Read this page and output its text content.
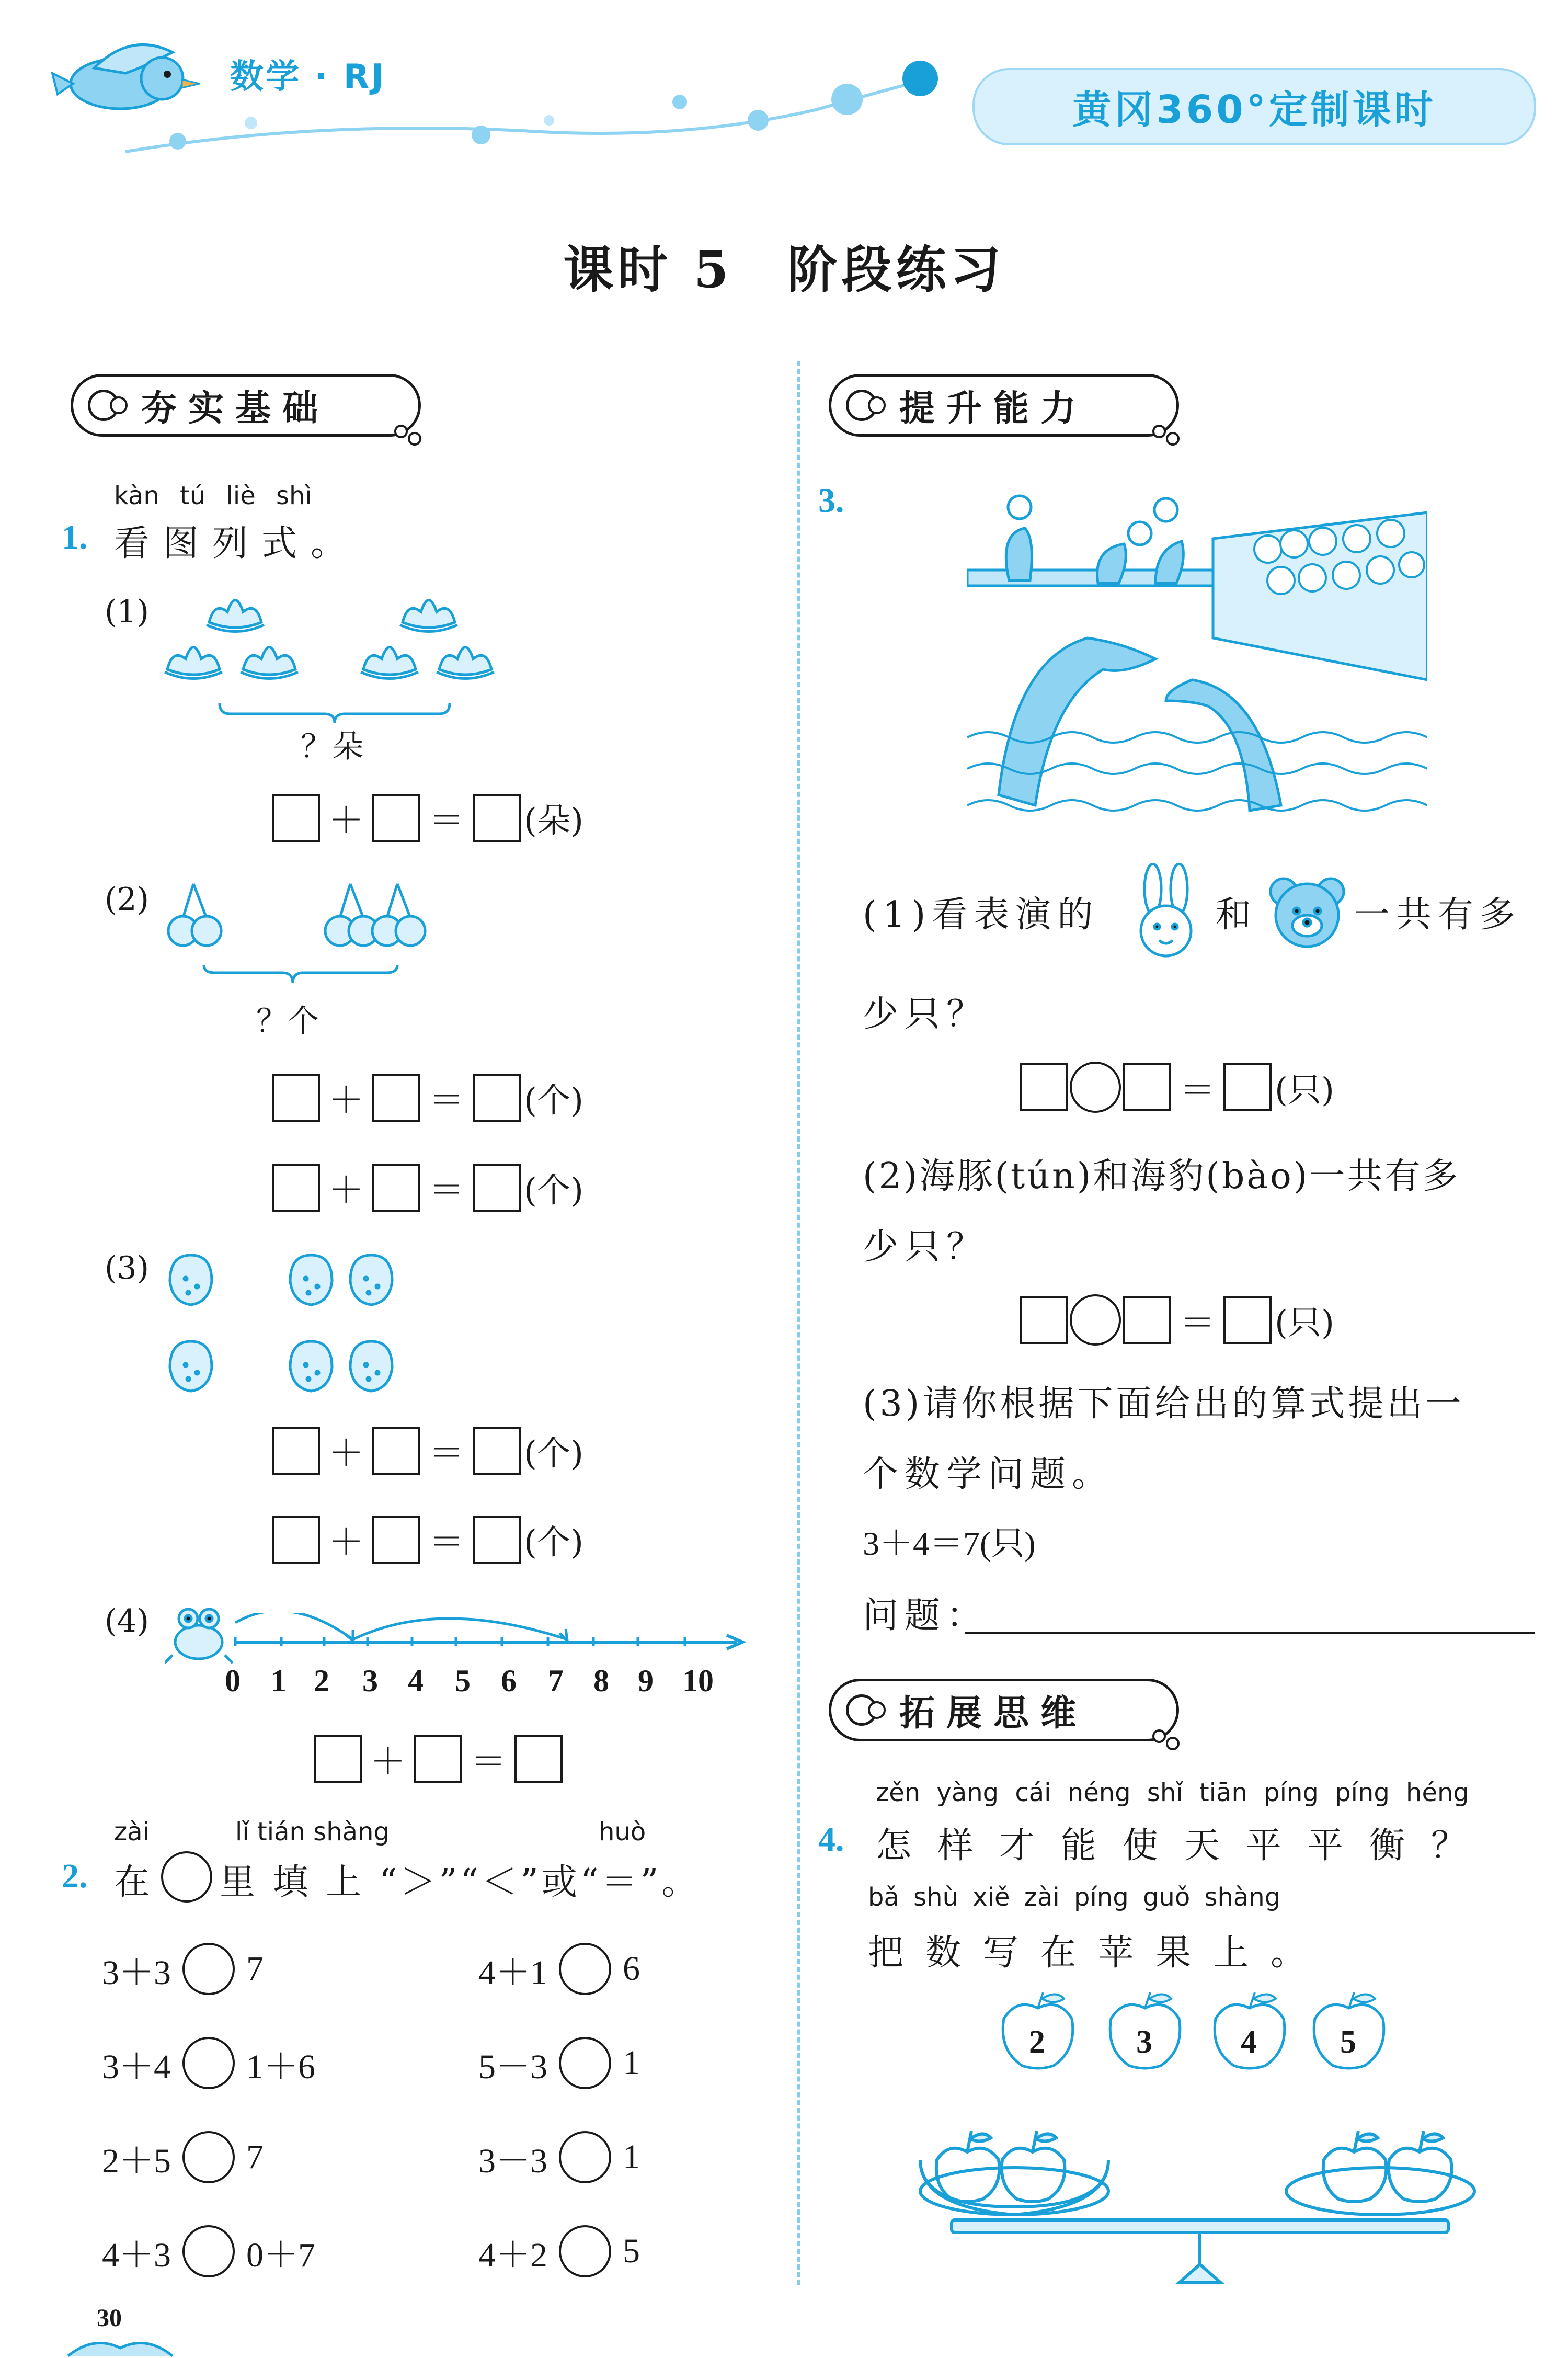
数学 · RJ
黄冈360°定制课时
课时 5　阶段练习
夯实基础
kàn tú liè shì
1. 看图列式。
(1)
？朵
＋ ＝ (朵)
(2)
？个
＋ ＝ (个)
＋ ＝ (个)
(3)
＋ ＝ (个)
＋ ＝ (个)
(4)
0 1 2 3 4 5 6 7 8 9 10
＋ ＝
zài	lǐ tián shàng	huò
2. 在 里 填 上 “＞”“＜”或“＝”。
3＋3 7	4＋1 6
3＋4 1＋6	5－3 1
2＋5 7	3－3 1
4＋3 0＋7	4＋2 5
30
提升能力
3.
(1)看表演的	和	一共有多
少只？
＝ (只)
(2)海豚(tún)和海豹(bào)一共有多
少只？
＝ (只)
(3)请你根据下面给出的算式提出一
个数学问题。
3＋4＝7(只)
问题：
拓展思维
zěn yàng cái néng shǐ tiān píng píng héng
4. 怎样才能使天平平衡？
bǎ shù xiě zài píng guǒ shàng
把数写在苹果上。
2	3	4	5
